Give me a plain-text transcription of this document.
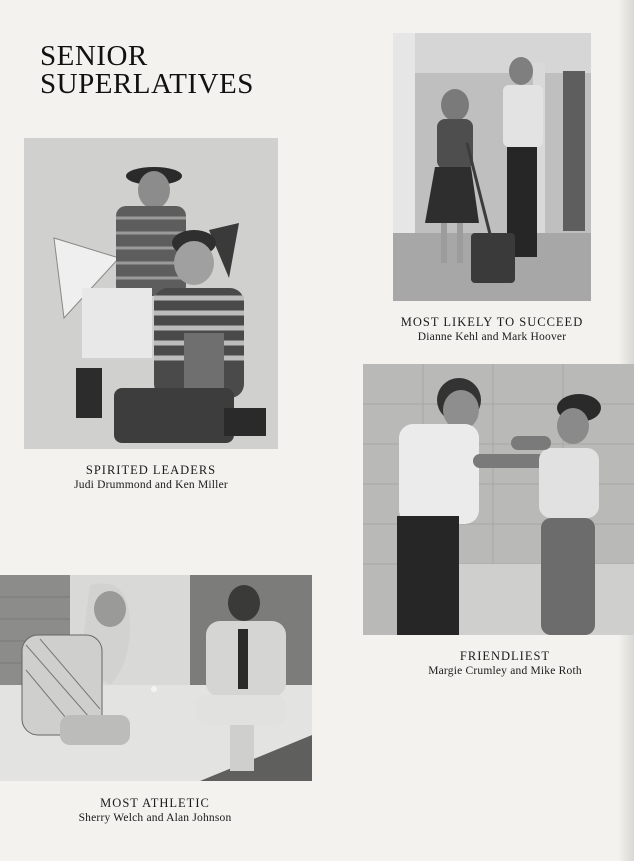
SENIOR
SUPERLATIVES
SPIRITED LEADERS
Judi Drummond and Ken Miller
MOST LIKELY TO SUCCEED
Dianne Kehl and Mark Hoover
FRIENDLIEST
Margie Crumley and Mike Roth
MOST ATHLETIC
Sherry Welch and Alan Johnson
